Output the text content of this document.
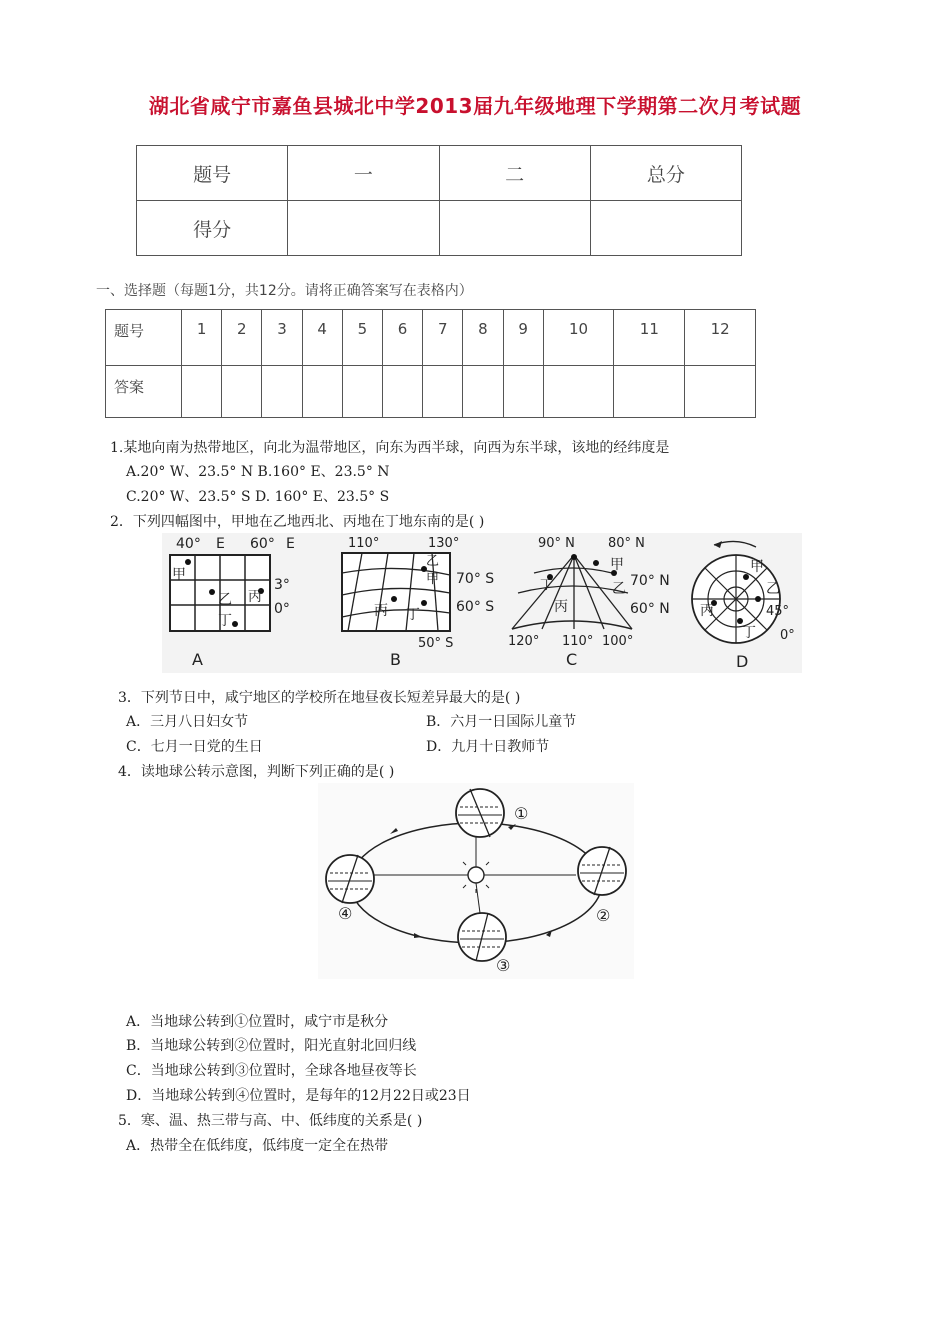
湖北省咸宁市嘉鱼县城北中学2013届九年级地理下学期第二次月考试题
题号	一	二	总分
得分			
一、选择题（每题1分，共12分。请将正确答案写在表格内）
题号	1	2	3	4	5	6	7	8	9	10	11	12
答案												
1.某地向南为热带地区，向北为温带地区，向东为西半球，向西为东半球，该地的经纬度是
A.20° W、23.5° N B.160° E、23.5° N
C.20° W、23.5° S D. 160° E、23.5° S
2．下列四幅图中，甲地在乙地西北、丙地在丁地东南的是( )
40° E 60° E
3°
0°
甲
乙 丙
丁
A
110°	130°
70° S
60° S
50° S
乙
甲
丙 丁
B
90° N	80° N
70° N
60° N
120° 110° 100°
甲
乙
丙
丁
C
甲
乙
丙
丁
45°
0°
D
3．下列节日中，咸宁地区的学校所在地昼夜长短差异最大的是( )
A．三月八日妇女节	B．六月一日国际儿童节
C．七月一日党的生日	D．九月十日教师节
4．读地球公转示意图，判断下列正确的是( )
①
②
③
④
A．当地球公转到①位置时，咸宁市是秋分
B．当地球公转到②位置时，阳光直射北回归线
C．当地球公转到③位置时，全球各地昼夜等长
D．当地球公转到④位置时，是每年的12月22日或23日
5．寒、温、热三带与高、中、低纬度的关系是( )
A．热带全在低纬度，低纬度一定全在热带
